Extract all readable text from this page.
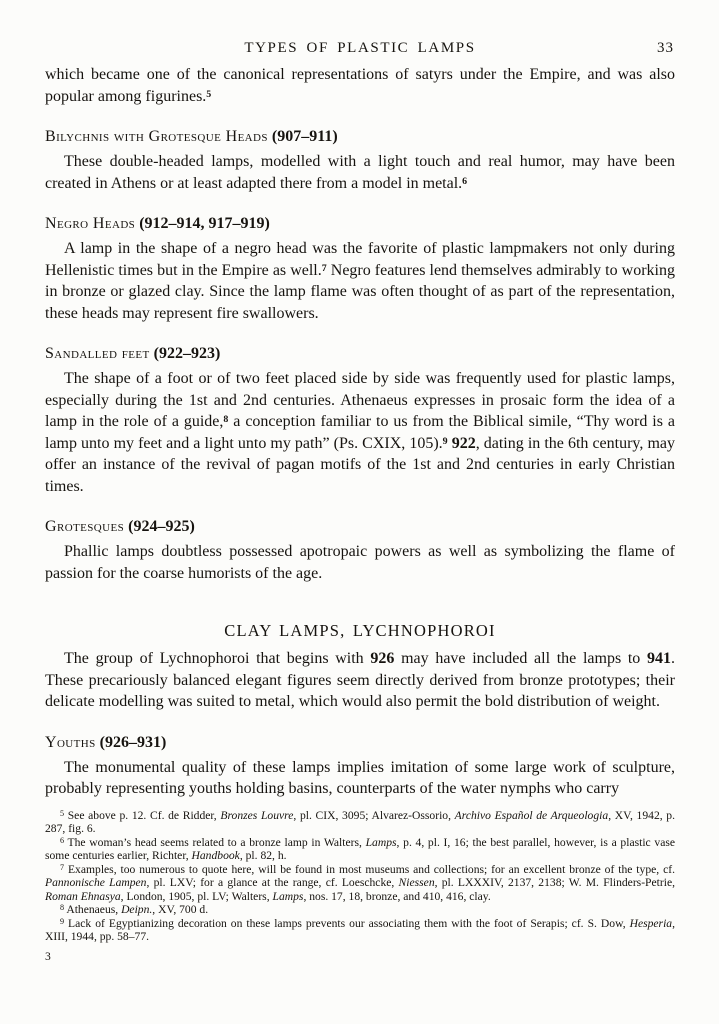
TYPES OF PLASTIC LAMPS	33

which became one of the canonical representations of satyrs under the Empire, and was also popular among figurines.$^5$

Bilychnis with Grotesque Heads (907–911)

These double-headed lamps, modelled with a light touch and real humor, may have been created in Athens or at least adapted there from a model in metal.$^6$

Negro Heads (912–914, 917–919)

A lamp in the shape of a negro head was the favorite of plastic lampmakers not only during Hellenistic times but in the Empire as well.$^7$ Negro features lend themselves admirably to working in bronze or glazed clay. Since the lamp flame was often thought of as part of the representation, these heads may represent fire swallowers.

Sandalled feet (922–923)

The shape of a foot or of two feet placed side by side was frequently used for plastic lamps, especially during the 1st and 2nd centuries. Athenaeus expresses in prosaic form the idea of a lamp in the role of a guide,$^8$ a conception familiar to us from the Biblical simile, “Thy word is a lamp unto my feet and a light unto my path” (Ps. CXIX, 105).$^9$ 922, dating in the 6th century, may offer an instance of the revival of pagan motifs of the 1st and 2nd centuries in early Christian times.

Grotesques (924–925)

Phallic lamps doubtless possessed apotropaic powers as well as symbolizing the flame of passion for the coarse humorists of the age.

CLAY LAMPS, LYCHNOPHOROI

The group of Lychnophoroi that begins with 926 may have included all the lamps to 941. These precariously balanced elegant figures seem directly derived from bronze prototypes; their delicate modelling was suited to metal, which would also permit the bold distribution of weight.

Youths (926–931)

The monumental quality of these lamps implies imitation of some large work of sculpture, probably representing youths holding basins, counterparts of the water nymphs who carry

$^5$ See above p. 12. Cf. de Ridder, Bronzes Louvre, pl. CIX, 3095; Alvarez-Ossorio, Archivo Español de Arqueologia, XV, 1942, p. 287, fig. 6.

$^6$ The woman’s head seems related to a bronze lamp in Walters, Lamps, p. 4, pl. I, 16; the best parallel, however, is a plastic vase some centuries earlier, Richter, Handbook, pl. 82, h.

$^7$ Examples, too numerous to quote here, will be found in most museums and collections; for an excellent bronze of the type, cf. Pannonische Lampen, pl. LXV; for a glance at the range, cf. Loeschcke, Niessen, pl. LXXXIV, 2137, 2138; W. M. Flinders-Petrie, Roman Ehnasya, London, 1905, pl. LV; Walters, Lamps, nos. 17, 18, bronze, and 410, 416, clay.

$^8$ Athenaeus, Deipn., XV, 700 d.

$^9$ Lack of Egyptianizing decoration on these lamps prevents our associating them with the foot of Serapis; cf. S. Dow, Hesperia, XIII, 1944, pp. 58–77.

3
